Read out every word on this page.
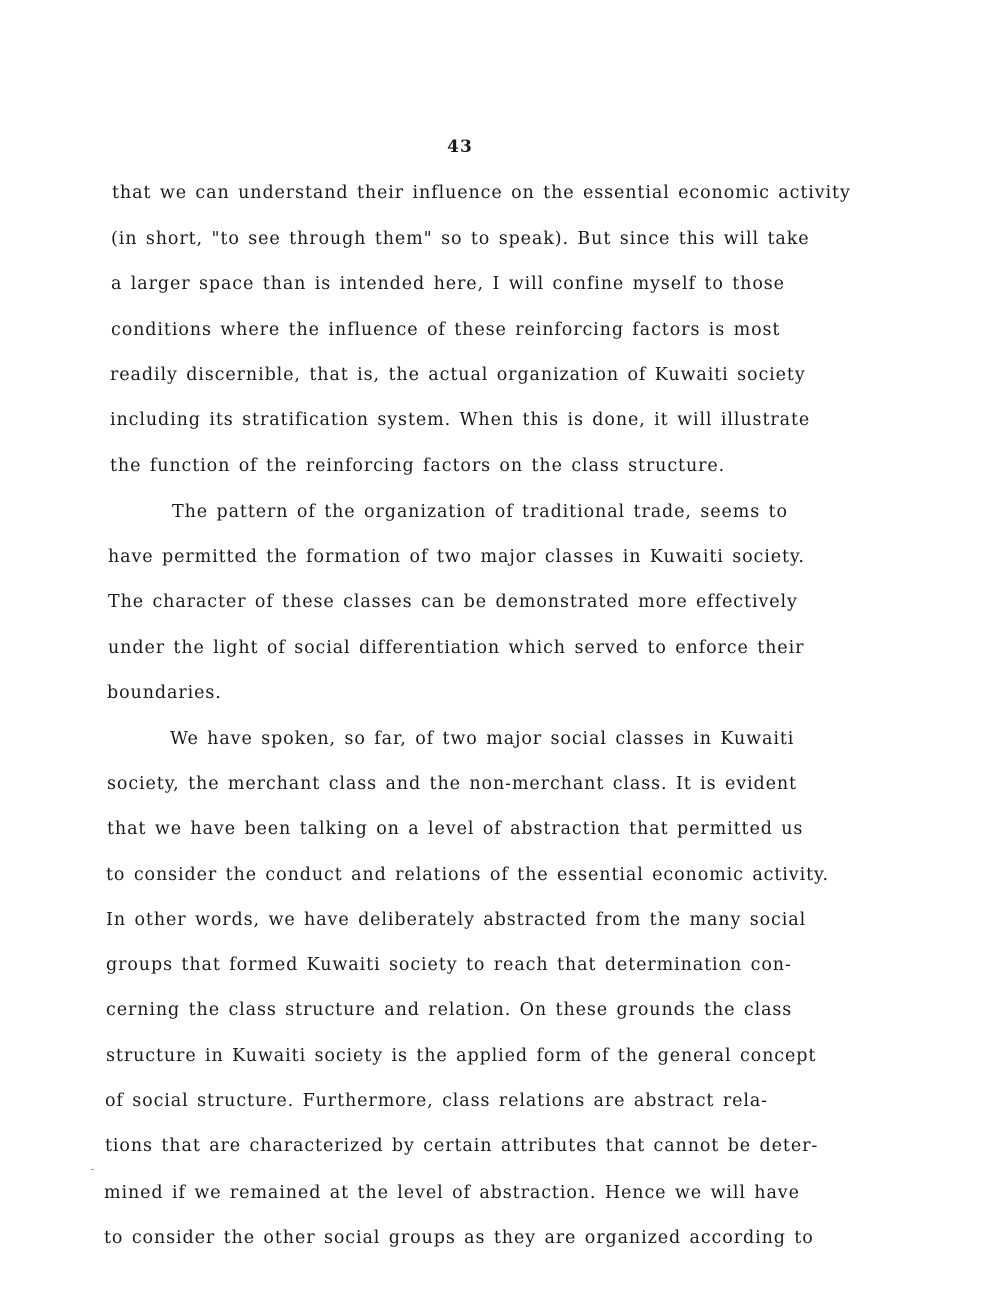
43
that we can understand their influence on the essential economic activity
(in short, "to see through them" so to speak). But since this will take
a larger space than is intended here, I will confine myself to those
conditions where the influence of these reinforcing factors is most
readily discernible, that is, the actual organization of Kuwaiti society
including its stratification system. When this is done, it will illustrate
the function of the reinforcing factors on the class structure.
The pattern of the organization of traditional trade, seems to
have permitted the formation of two major classes in Kuwaiti society.
The character of these classes can be demonstrated more effectively
under the light of social differentiation which served to enforce their
boundaries.
We have spoken, so far, of two major social classes in Kuwaiti
society, the merchant class and the non-merchant class. It is evident
that we have been talking on a level of abstraction that permitted us
to consider the conduct and relations of the essential economic activity.
In other words, we have deliberately abstracted from the many social
groups that formed Kuwaiti society to reach that determination con-
cerning the class structure and relation. On these grounds the class
structure in Kuwaiti society is the applied form of the general concept
of social structure. Furthermore, class relations are abstract rela-
tions that are characterized by certain attributes that cannot be deter-
mined if we remained at the level of abstraction. Hence we will have
to consider the other social groups as they are organized according to
